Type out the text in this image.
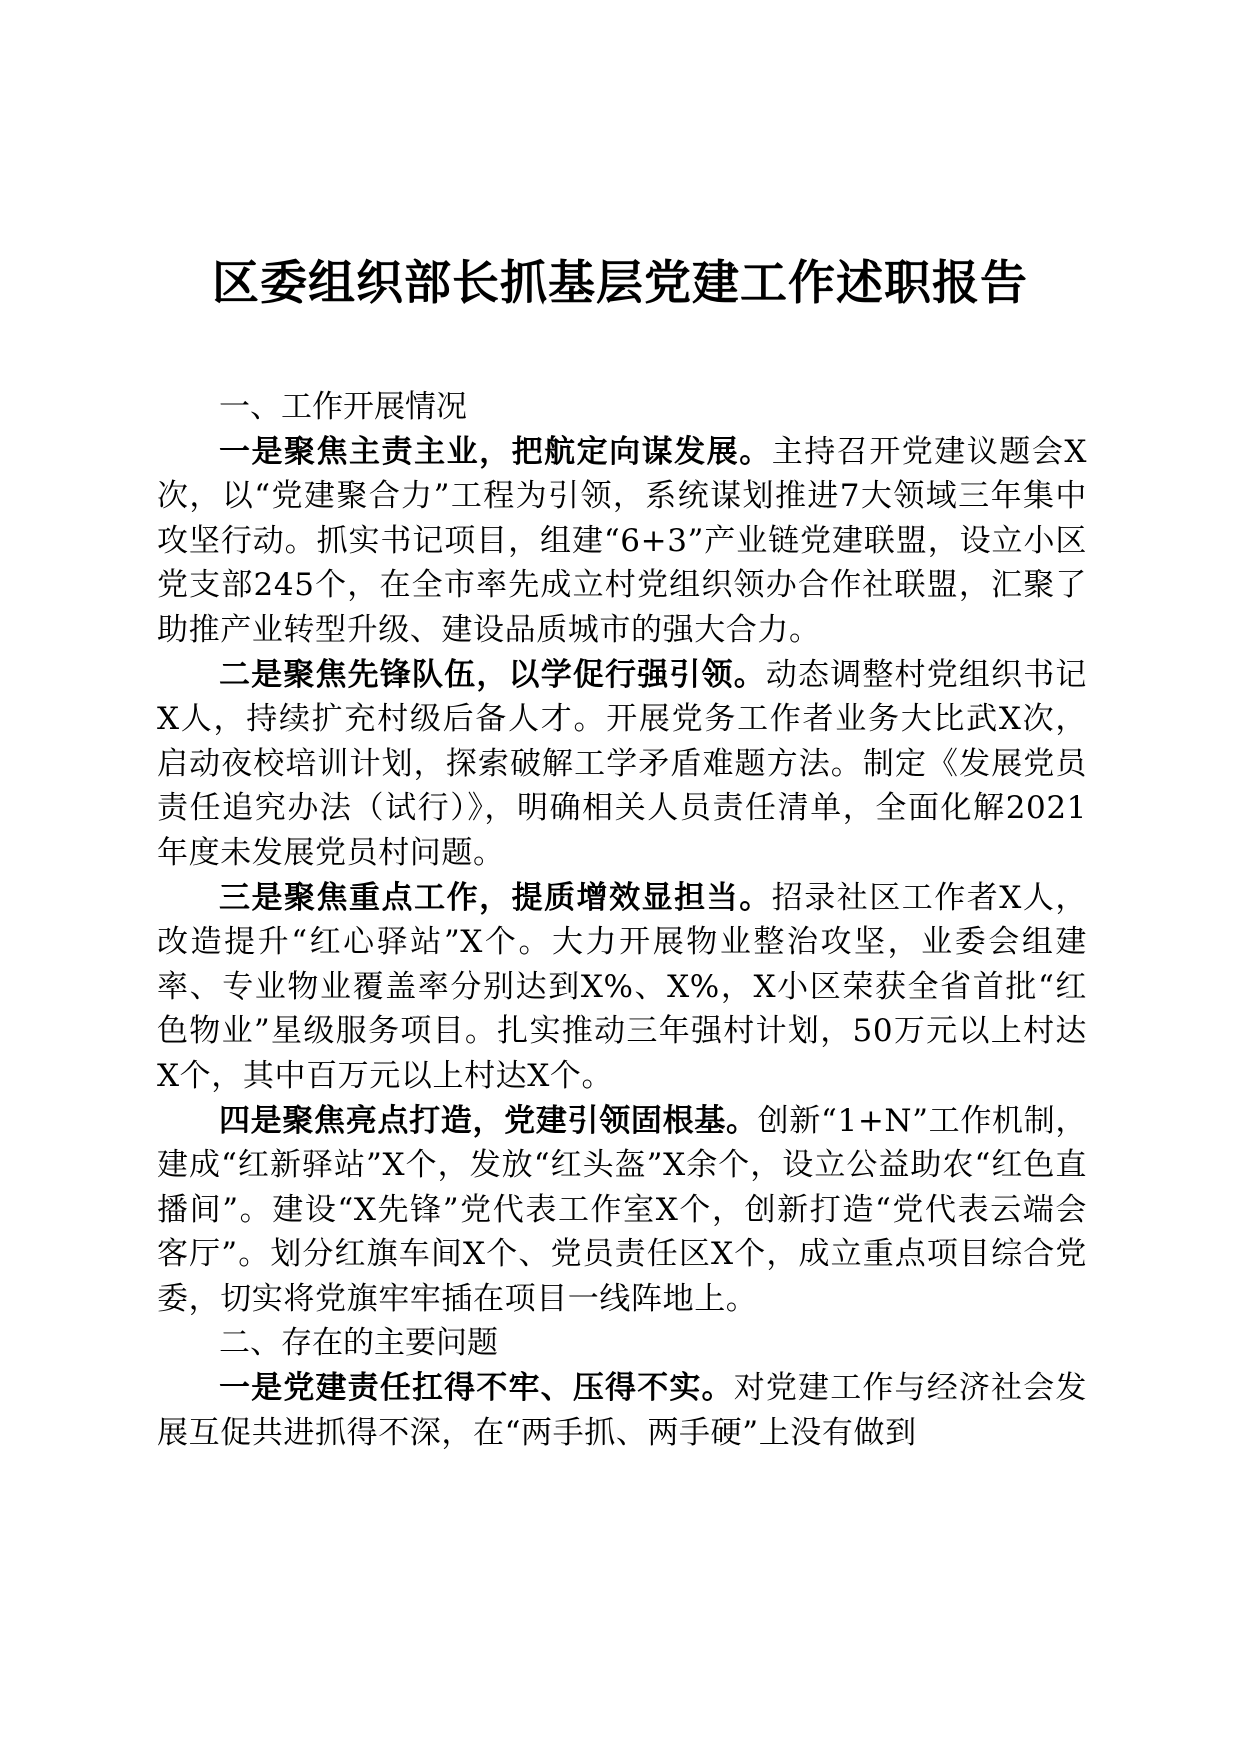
区委组织部长抓基层党建工作述职报告

一、工作开展情况

一是聚焦主责主业，把航定向谋发展。主持召开党建议题会X次，以“党建聚合力”工程为引领，系统谋划推进7大领域三年集中攻坚行动。抓实书记项目，组建“6+3”产业链党建联盟，设立小区党支部245个，在全市率先成立村党组织领办合作社联盟，汇聚了助推产业转型升级、建设品质城市的强大合力。

二是聚焦先锋队伍，以学促行强引领。动态调整村党组织书记X人，持续扩充村级后备人才。开展党务工作者业务大比武X次，启动夜校培训计划，探索破解工学矛盾难题方法。制定《发展党员责任追究办法（试行）》，明确相关人员责任清单，全面化解2021年度未发展党员村问题。

三是聚焦重点工作，提质增效显担当。招录社区工作者X人，改造提升“红心驿站”X个。大力开展物业整治攻坚，业委会组建率、专业物业覆盖率分别达到X%、X%，X小区荣获全省首批“红色物业”星级服务项目。扎实推动三年强村计划，50万元以上村达X个，其中百万元以上村达X个。

四是聚焦亮点打造，党建引领固根基。创新“1+N”工作机制，建成“红新驿站”X个，发放“红头盔”X余个，设立公益助农“红色直播间”。建设“X先锋”党代表工作室X个，创新打造“党代表云端会客厅”。划分红旗车间X个、党员责任区X个，成立重点项目综合党委，切实将党旗牢牢插在项目一线阵地上。

二、存在的主要问题

一是党建责任扛得不牢、压得不实。对党建工作与经济社会发展互促共进抓得不深，在“两手抓、两手硬”上没有做到
